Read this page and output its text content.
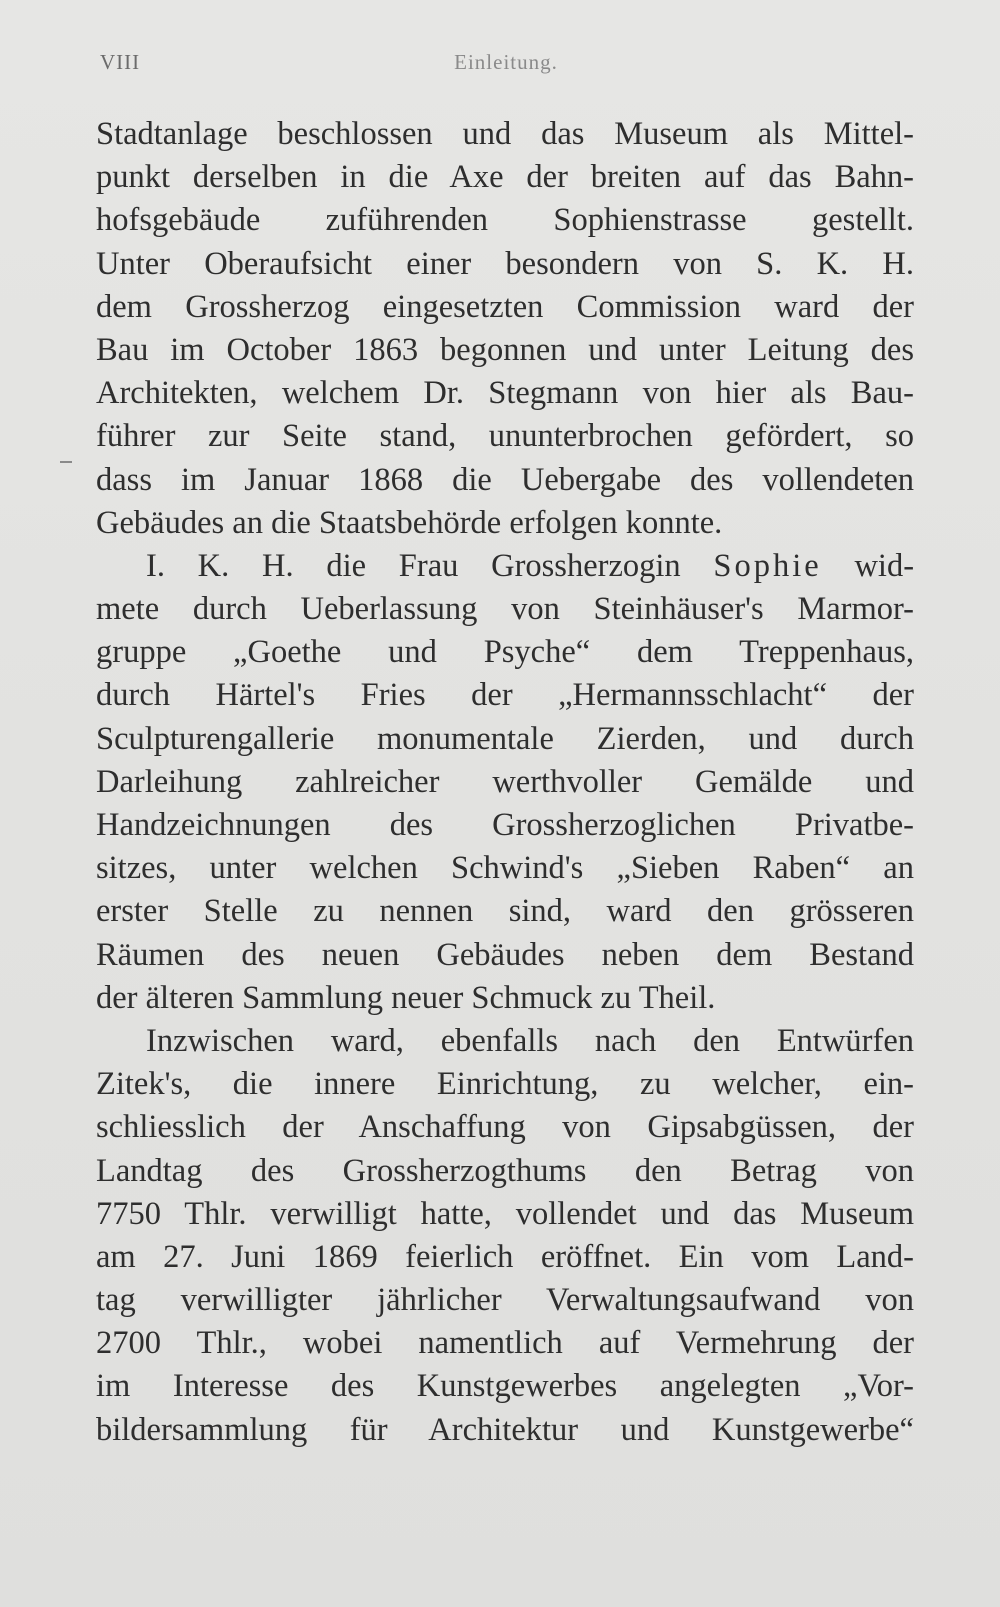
VIII	Einleitung.
Stadtanlage beschlossen und das Museum als Mittel-
punkt derselben in die Axe der breiten auf das Bahn-
hofsgebäude zuführenden Sophienstrasse gestellt.
Unter Oberaufsicht einer besondern von S. K. H.
dem Grossherzog eingesetzten Commission ward der
Bau im October 1863 begonnen und unter Leitung des
Architekten, welchem Dr. Stegmann von hier als Bau-
führer zur Seite stand, ununterbrochen gefördert, so
dass im Januar 1868 die Uebergabe des vollendeten
Gebäudes an die Staatsbehörde erfolgen konnte.
I. K. H. die Frau Grossherzogin Sophie wid-
mete durch Ueberlassung von Steinhäuser's Marmor-
gruppe „Goethe und Psyche“ dem Treppenhaus,
durch Härtel's Fries der „Hermannsschlacht“ der
Sculpturengallerie monumentale Zierden, und durch
Darleihung zahlreicher werthvoller Gemälde und
Handzeichnungen des Grossherzoglichen Privatbe-
sitzes, unter welchen Schwind's „Sieben Raben“ an
erster Stelle zu nennen sind, ward den grösseren
Räumen des neuen Gebäudes neben dem Bestand
der älteren Sammlung neuer Schmuck zu Theil.
Inzwischen ward, ebenfalls nach den Entwürfen
Zitek's, die innere Einrichtung, zu welcher, ein-
schliesslich der Anschaffung von Gipsabgüssen, der
Landtag des Grossherzogthums den Betrag von
7750 Thlr. verwilligt hatte, vollendet und das Museum
am 27. Juni 1869 feierlich eröffnet. Ein vom Land-
tag verwilligter jährlicher Verwaltungsaufwand von
2700 Thlr., wobei namentlich auf Vermehrung der
im Interesse des Kunstgewerbes angelegten „Vor-
bildersammlung für Architektur und Kunstgewerbe“
